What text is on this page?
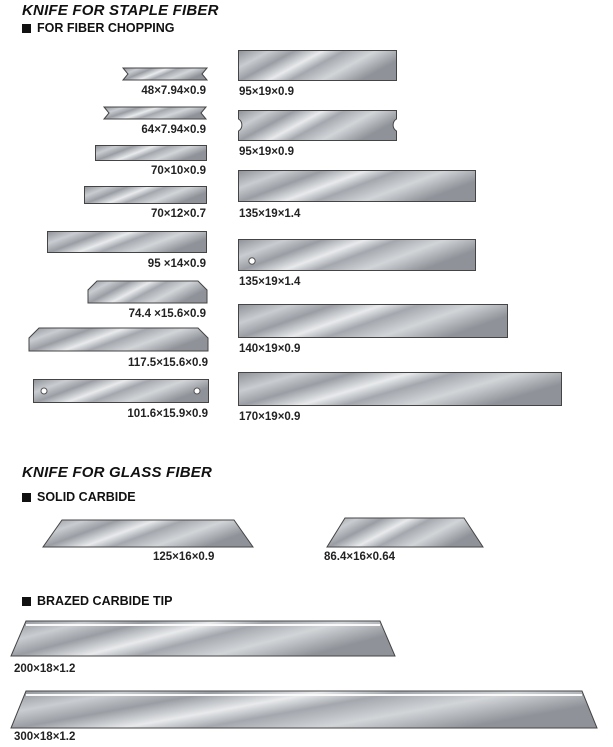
KNIFE FOR STAPLE FIBER
FOR FIBER CHOPPING
48×7.94×0.9
64×7.94×0.9
70×10×0.9
70×12×0.7
95 ×14×0.9
74.4 ×15.6×0.9
117.5×15.6×0.9
101.6×15.9×0.9
95×19×0.9
95×19×0.9
135×19×1.4
135×19×1.4
140×19×0.9
170×19×0.9
KNIFE FOR GLASS FIBER
SOLID CARBIDE
125×16×0.9	86.4×16×0.64
BRAZED CARBIDE TIP
200×18×1.2
300×18×1.2
